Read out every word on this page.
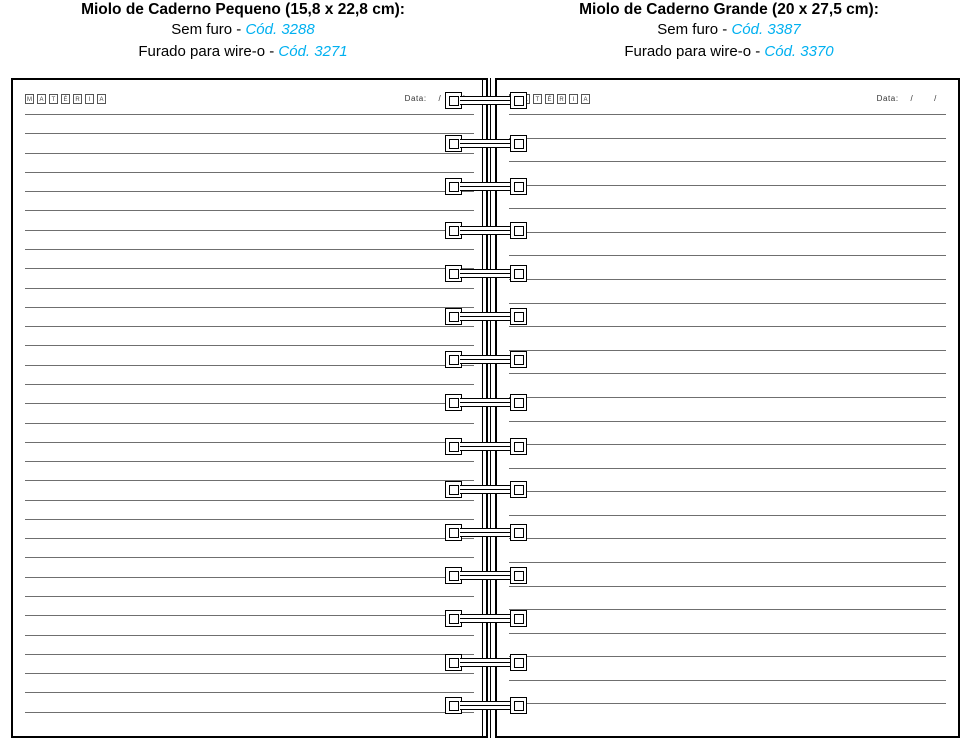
Miolo de Caderno Pequeno (15,8 x 22,8 cm):
Sem furo - Cód. 3288
Furado para wire-o - Cód. 3271
Miolo de Caderno Grande (20 x 27,5 cm):
Sem furo - Cód. 3387
Furado para wire-o - Cód. 3370
M	A	T	É	R	I	A	Data: /	T	É	R	I	A	Data: /	/
